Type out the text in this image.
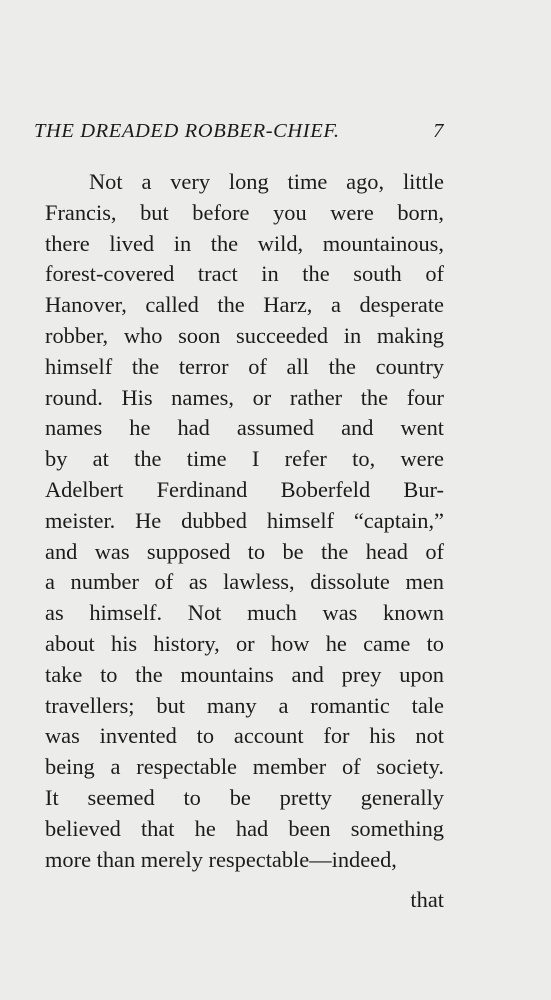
THE DREADED ROBBER-CHIEF.	7
Not a very long time ago, little
Francis, but before you were born,
there lived in the wild, mountainous,
forest-covered tract in the south of
Hanover, called the Harz, a desperate
robber, who soon succeeded in making
himself the terror of all the country
round. His names, or rather the four
names he had assumed and went
by at the time I refer to, were
Adelbert Ferdinand Boberfeld Bur-
meister. He dubbed himself “captain,”
and was supposed to be the head of
a number of as lawless, dissolute men
as himself. Not much was known
about his history, or how he came to
take to the mountains and prey upon
travellers; but many a romantic tale
was invented to account for his not
being a respectable member of society.
It seemed to be pretty generally
believed that he had been something
more than merely respectable—indeed,
that
